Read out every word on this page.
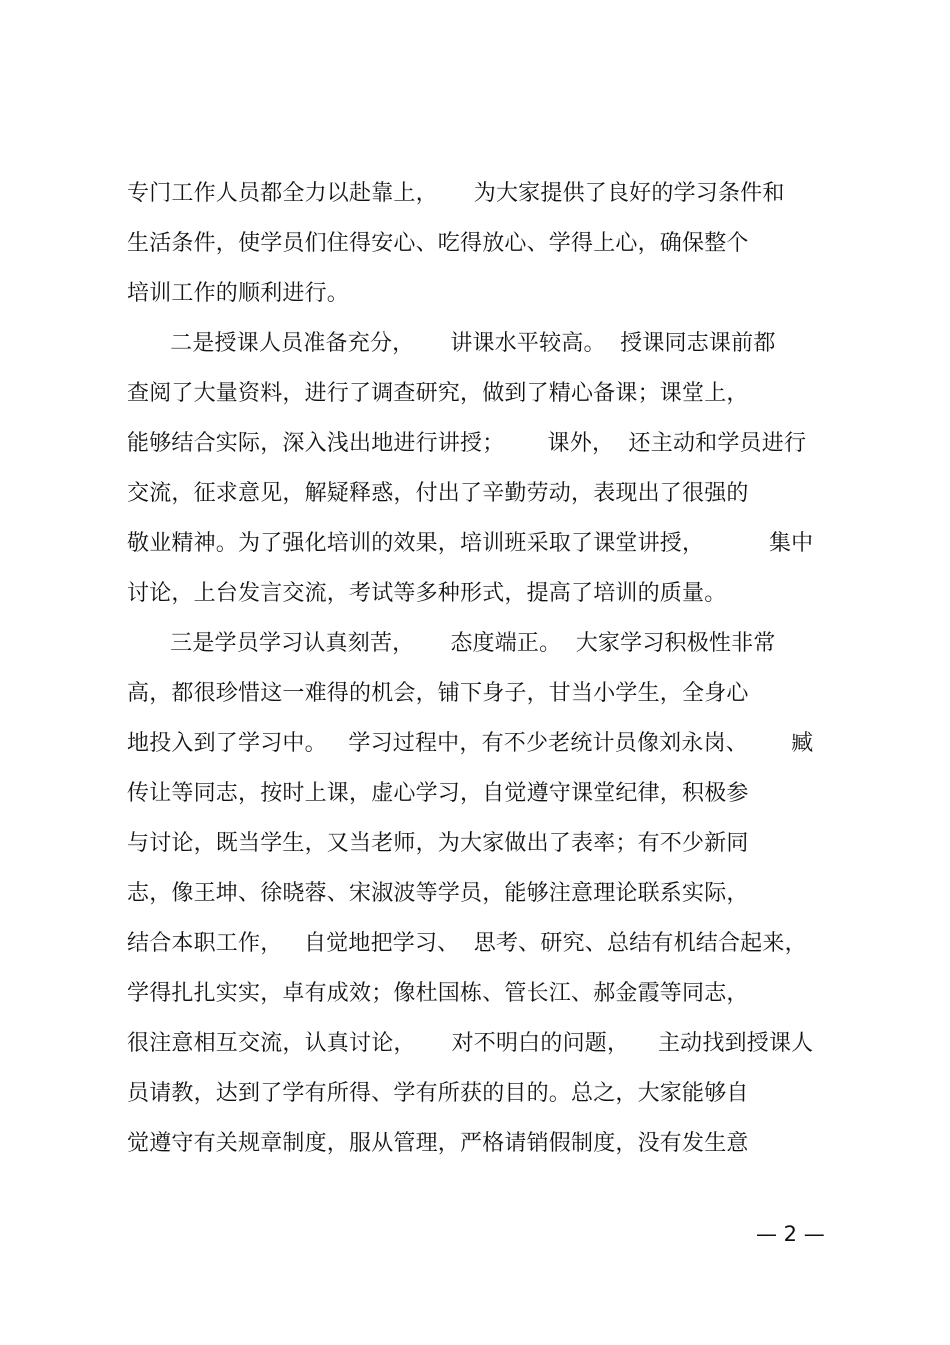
专门工作人员都全力以赴靠上，     为大家提供了良好的学习条件和

生活条件，使学员们住得安心、吃得放心、学得上心，确保整个

培训工作的顺利进行。

二是授课人员准备充分，     讲课水平较高。  授课同志课前都

查阅了大量资料，进行了调查研究，做到了精心备课；课堂上，

能够结合实际，深入浅出地进行讲授；      课外，  还主动和学员进行

交流，征求意见，解疑释惑，付出了辛勤劳动，表现出了很强的

敬业精神。为了强化培训的效果，培训班采取了课堂讲授，         集中

讨论，上台发言交流，考试等多种形式，提高了培训的质量。

三是学员学习认真刻苦，     态度端正。  大家学习积极性非常

高，都很珍惜这一难得的机会，铺下身子，甘当小学生，全身心

地投入到了学习中。   学习过程中，有不少老统计员像刘永岗、      臧

传让等同志，按时上课，虚心学习，自觉遵守课堂纪律，积极参

与讨论，既当学生，又当老师，为大家做出了表率；有不少新同

志，像王坤、徐晓蓉、宋淑波等学员，能够注意理论联系实际，

结合本职工作，   自觉地把学习、  思考、研究、总结有机结合起来，

学得扎扎实实，卓有成效；像杜国栋、管长江、郝金霞等同志，

很注意相互交流，认真讨论，     对不明白的问题，    主动找到授课人

员请教，达到了学有所得、学有所获的目的。总之，大家能够自

觉遵守有关规章制度，服从管理，严格请销假制度，没有发生意

— 2 —
